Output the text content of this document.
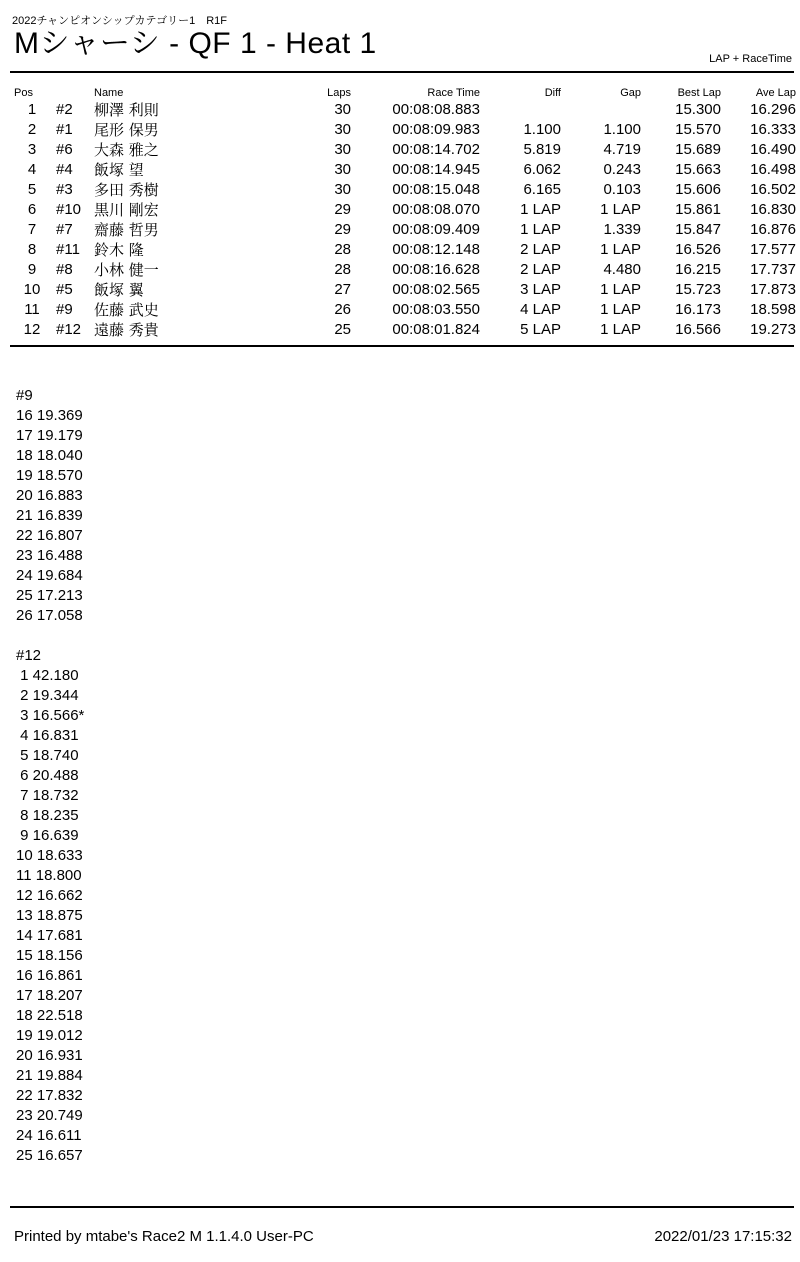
2022チャンピオンシップカテゴリー1　R1F
Mシャーシ - QF 1 - Heat 1	LAP + RaceTime
Pos		Name	Laps	Race Time	Diff	Gap	Best Lap	Ave Lap
1	#2	柳澤 利則	30	00:08:08.883			15.300	16.296
2	#1	尾形 保男	30	00:08:09.983	1.100	1.100	15.570	16.333
3	#6	大森 雅之	30	00:08:14.702	5.819	4.719	15.689	16.490
4	#4	飯塚 望	30	00:08:14.945	6.062	0.243	15.663	16.498
5	#3	多田 秀樹	30	00:08:15.048	6.165	0.103	15.606	16.502
6	#10	黒川 剛宏	29	00:08:08.070	1 LAP	1 LAP	15.861	16.830
7	#7	齋藤 哲男	29	00:08:09.409	1 LAP	1.339	15.847	16.876
8	#11	鈴木 隆	28	00:08:12.148	2 LAP	1 LAP	16.526	17.577
9	#8	小林 健一	28	00:08:16.628	2 LAP	4.480	16.215	17.737
10	#5	飯塚 翼	27	00:08:02.565	3 LAP	1 LAP	15.723	17.873
11	#9	佐藤 武史	26	00:08:03.550	4 LAP	1 LAP	16.173	18.598
12	#12	遠藤 秀貴	25	00:08:01.824	5 LAP	1 LAP	16.566	19.273
#9
16 19.369
17 19.179
18 18.040
19 18.570
20 16.883
21 16.839
22 16.807
23 16.488
24 19.684
25 17.213
26 17.058
#12
1 42.180
2 19.344
3 16.566*
4 16.831
5 18.740
6 20.488
7 18.732
8 18.235
9 16.639
10 18.633
11 18.800
12 16.662
13 18.875
14 17.681
15 18.156
16 16.861
17 18.207
18 22.518
19 19.012
20 16.931
21 19.884
22 17.832
23 20.749
24 16.611
25 16.657
Printed by mtabe's Race2 M 1.1.4.0 User-PC	2022/01/23 17:15:32
